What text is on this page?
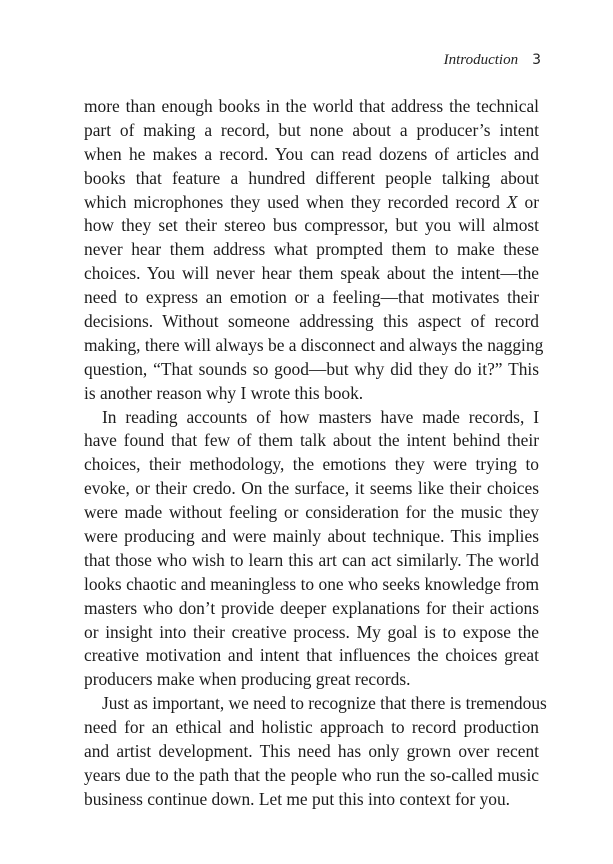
Introduction 3
more than enough books in the world that address the technical
part of making a record, but none about a producer’s intent
when he makes a record. You can read dozens of articles and
books that feature a hundred different people talking about
which microphones they used when they recorded record X or
how they set their stereo bus compressor, but you will almost
never hear them address what prompted them to make these
choices. You will never hear them speak about the intent—the
need to express an emotion or a feeling—that motivates their
decisions. Without someone addressing this aspect of record
making, there will always be a disconnect and always the nagging
question, “That sounds so good—but why did they do it?” This
is another reason why I wrote this book.
In reading accounts of how masters have made records, I
have found that few of them talk about the intent behind their
choices, their methodology, the emotions they were trying to
evoke, or their credo. On the surface, it seems like their choices
were made without feeling or consideration for the music they
were producing and were mainly about technique. This implies
that those who wish to learn this art can act similarly. The world
looks chaotic and meaningless to one who seeks knowledge from
masters who don’t provide deeper explanations for their actions
or insight into their creative process. My goal is to expose the
creative motivation and intent that influences the choices great
producers make when producing great records.
Just as important, we need to recognize that there is tremendous
need for an ethical and holistic approach to record production
and artist development. This need has only grown over recent
years due to the path that the people who run the so-called music
business continue down. Let me put this into context for you.
